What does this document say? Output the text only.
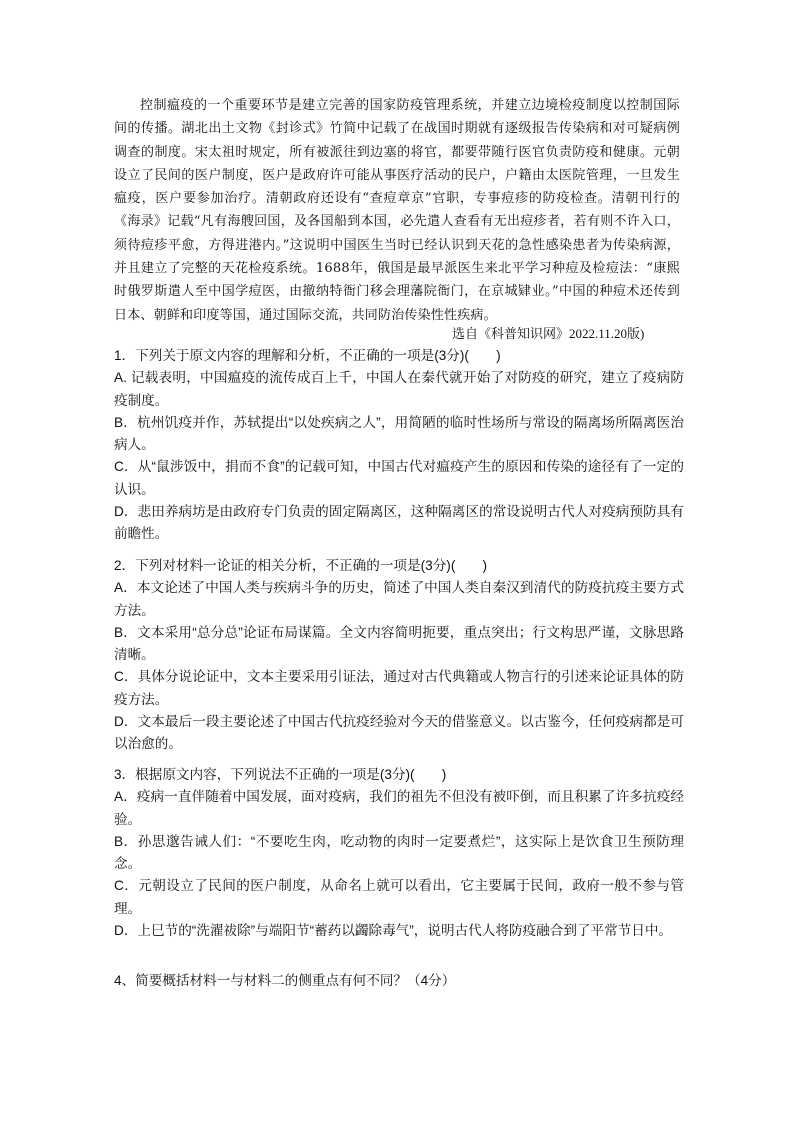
控制瘟疫的一个重要环节是建立完善的国家防疫管理系统，并建立边境检疫制度以控制国际间的传播。湖北出土文物《封诊式》竹简中记载了在战国时期就有逐级报告传染病和对可疑病例调查的制度。宋太祖时规定，所有被派往到边塞的将官，都要带随行医官负责防疫和健康。元朝设立了民间的医户制度，医户是政府许可能从事医疗活动的民户，户籍由太医院管理，一旦发生瘟疫，医户要参加治疗。清朝政府还设有“查痘章京”官职，专事痘疹的防疫检查。清朝刊行的《海录》记载“凡有海艘回国，及各国船到本国，必先遣人查看有无出痘疹者，若有则不许入口，须待痘疹平愈，方得进港内。”这说明中国医生当时已经认识到天花的急性感染患者为传染病源，并且建立了完整的天花检疫系统。1688年，俄国是最早派医生来北平学习种痘及检痘法：“康熙时俄罗斯遣人至中国学痘医，由撤纳特衙门移会理藩院衙门，在京城肄业。”中国的种痘术还传到日本、朝鲜和印度等国，通过国际交流，共同防治传染性性疾病。

选自《科普知识网》2022.11.20版)
1．下列关于原文内容的理解和分析，不正确的一项是(3分)(　　)
A. 记载表明，中国瘟疫的流传成百上千，中国人在秦代就开始了对防疫的研究，建立了疫病防疫制度。
B．杭州饥疫并作，苏轼提出“以处疾病之人”，用简陋的临时性场所与常设的隔离场所隔离医治病人。
C．从“鼠涉饭中，捐而不食”的记载可知，中国古代对瘟疫产生的原因和传染的途径有了一定的认识。
D．悲田养病坊是由政府专门负责的固定隔离区，这种隔离区的常设说明古代人对疫病预防具有前瞻性。
2．下列对材料一论证的相关分析，不正确的一项是(3分)(　　)
A．本文论述了中国人类与疾病斗争的历史，简述了中国人类自秦汉到清代的防疫抗疫主要方式方法。
B．文本采用“总分总”论证布局谋篇。全文内容简明扼要，重点突出；行文构思严谨，文脉思路清晰。
C．具体分说论证中，文本主要采用引证法，通过对古代典籍或人物言行的引述来论证具体的防疫方法。
D．文本最后一段主要论述了中国古代抗疫经验对今天的借鉴意义。以古鉴今，任何疫病都是可以治愈的。
3．根据原文内容，下列说法不正确的一项是(3分)(　　)
A．疫病一直伴随着中国发展，面对疫病，我们的祖先不但没有被吓倒，而且积累了许多抗疫经验。
B．孙思邈告诫人们：“不要吃生肉，吃动物的肉时一定要煮烂”，这实际上是饮食卫生预防理念。
C．元朝设立了民间的医户制度，从命名上就可以看出，它主要属于民间，政府一般不参与管理。
D．上巳节的“洗濯祓除”与端阳节“蓄药以蠲除毒气”，说明古代人将防疫融合到了平常节日中。
4、简要概括材料一与材料二的侧重点有何不同？（4分）
